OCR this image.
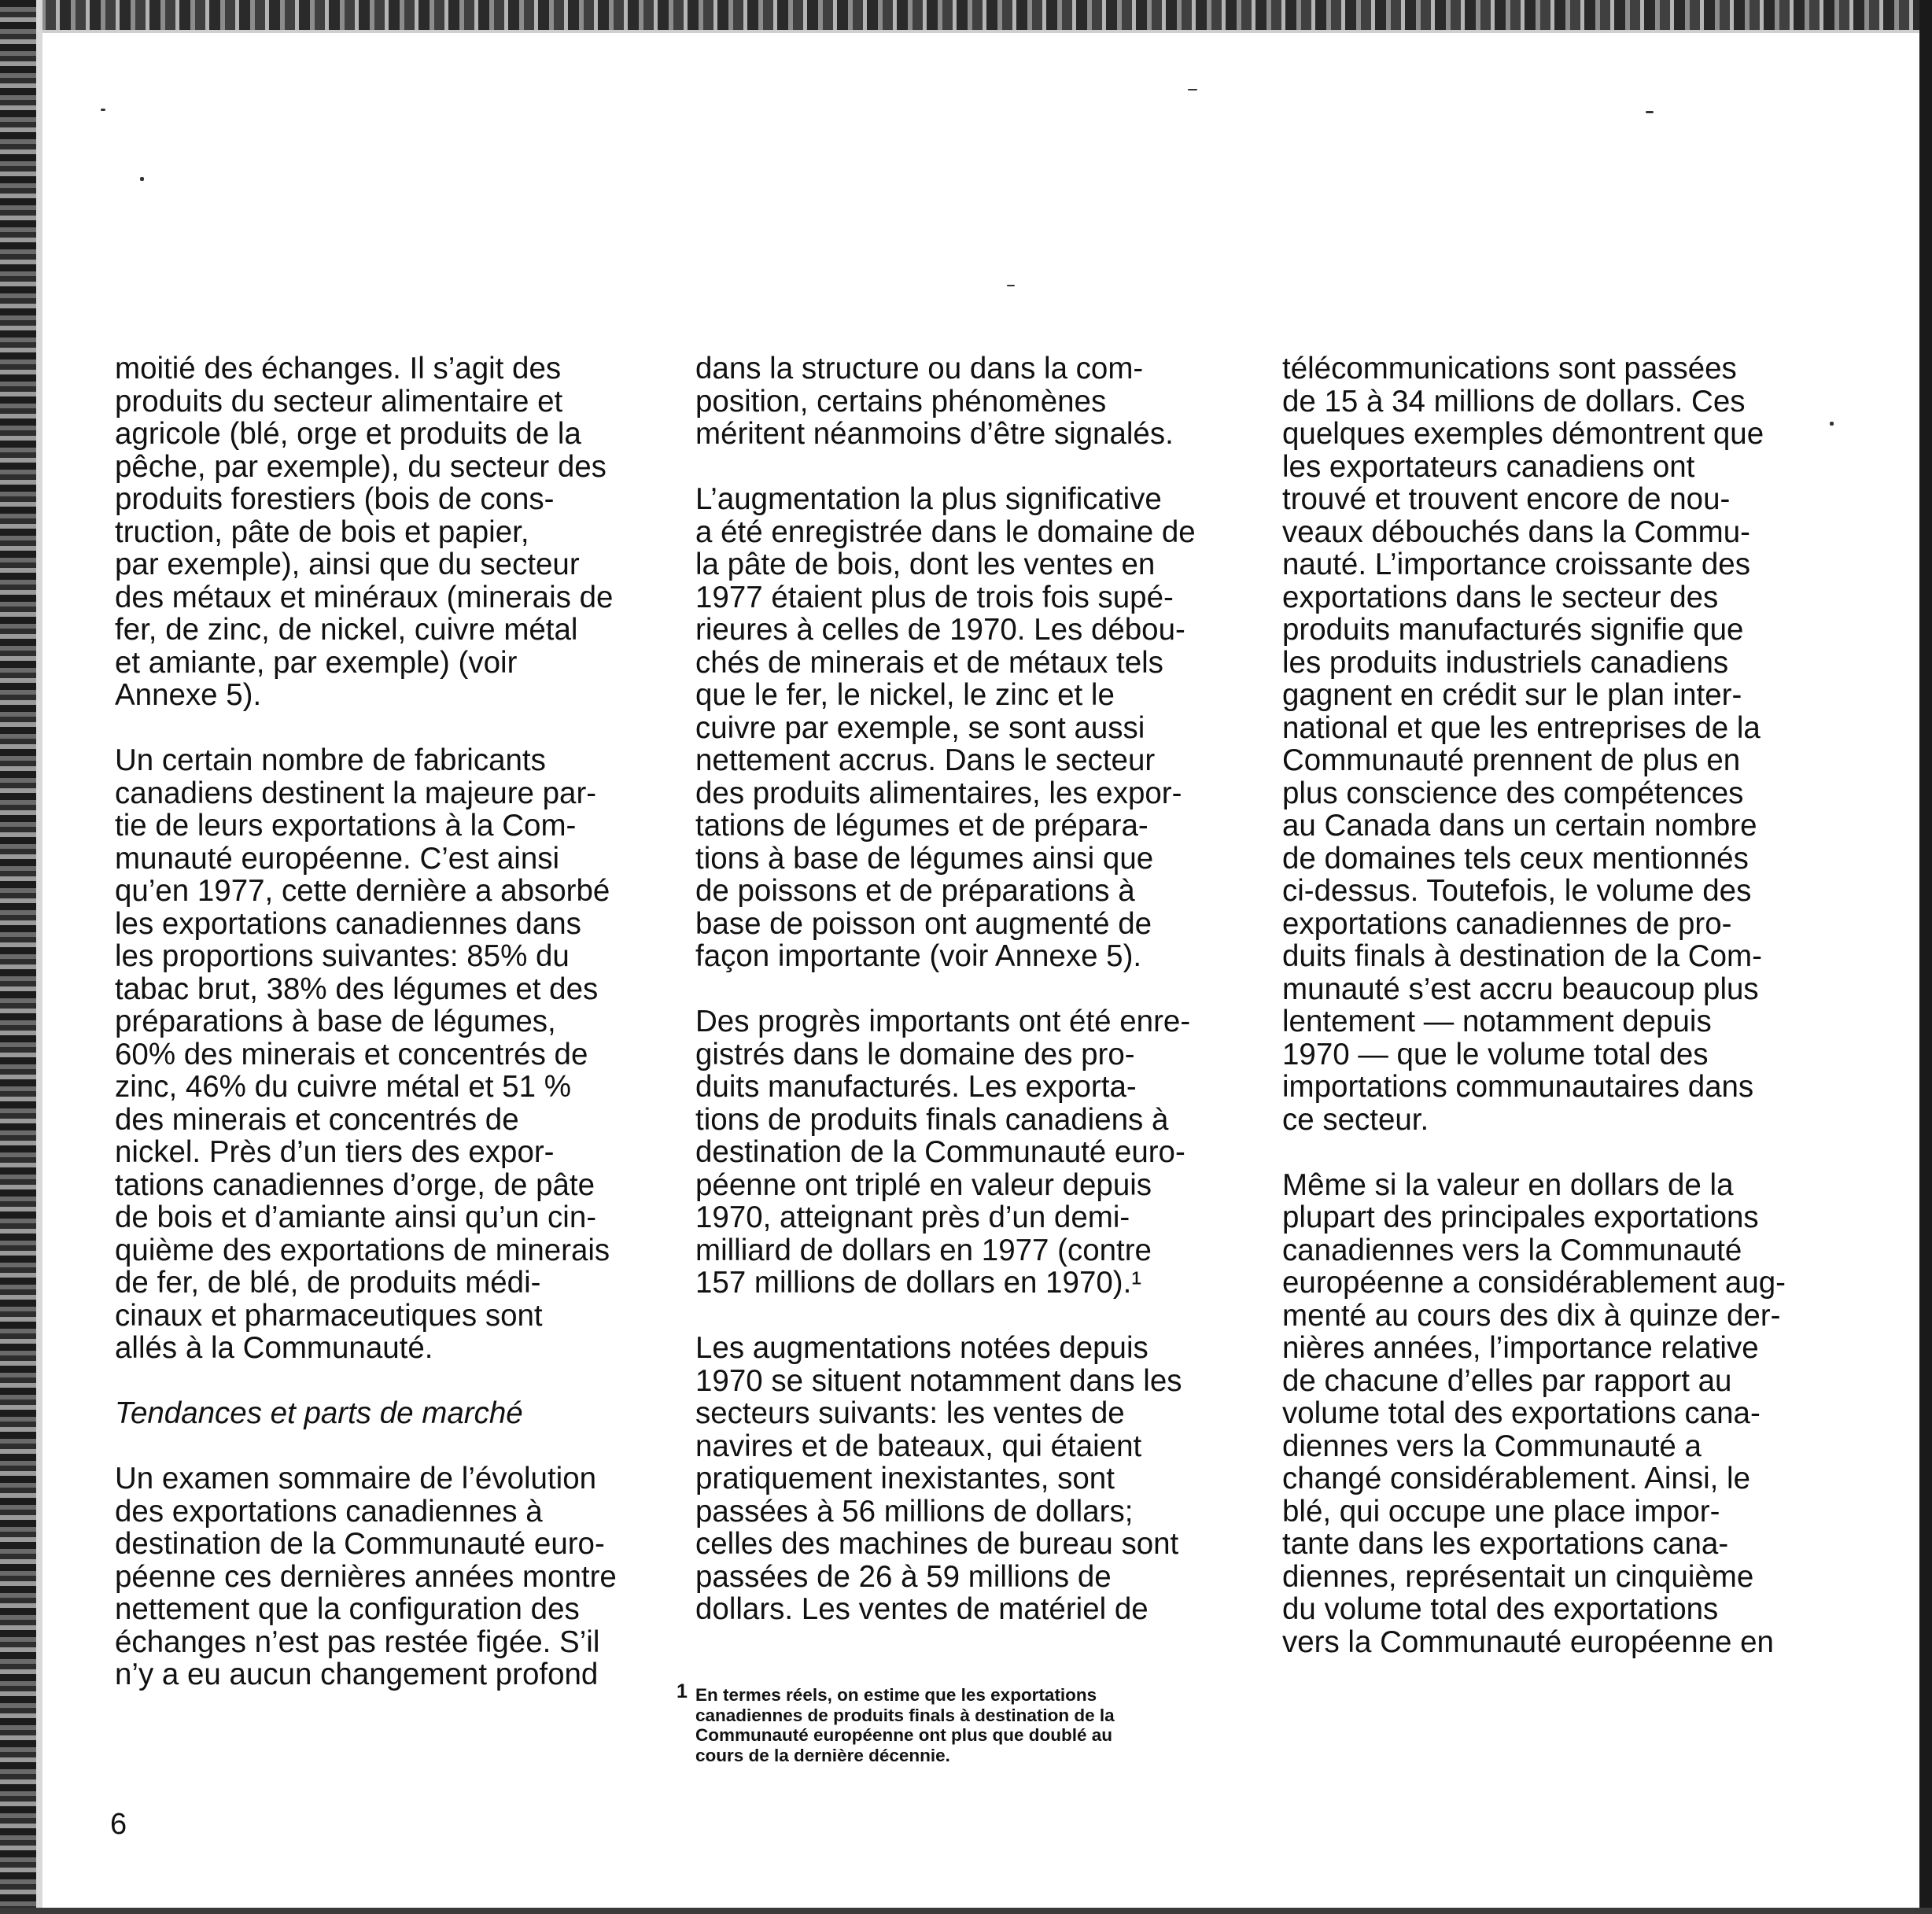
moitié des échanges. Il s’agit des
produits du secteur alimentaire et
agricole (blé, orge et produits de la
pêche, par exemple), du secteur des
produits forestiers (bois de cons-
truction, pâte de bois et papier,
par exemple), ainsi que du secteur
des métaux et minéraux (minerais de
fer, de zinc, de nickel, cuivre métal
et amiante, par exemple) (voir
Annexe 5).

Un certain nombre de fabricants
canadiens destinent la majeure par-
tie de leurs exportations à la Com-
munauté européenne. C’est ainsi
qu’en 1977, cette dernière a absorbé
les exportations canadiennes dans
les proportions suivantes: 85% du
tabac brut, 38% des légumes et des
préparations à base de légumes,
60% des minerais et concentrés de
zinc, 46% du cuivre métal et 51 %
des minerais et concentrés de
nickel. Près d’un tiers des expor-
tations canadiennes d’orge, de pâte
de bois et d’amiante ainsi qu’un cin-
quième des exportations de minerais
de fer, de blé, de produits médi-
cinaux et pharmaceutiques sont
allés à la Communauté.

Tendances et parts de marché

Un examen sommaire de l’évolution
des exportations canadiennes à
destination de la Communauté euro-
péenne ces dernières années montre
nettement que la configuration des
échanges n’est pas restée figée. S’il
n’y a eu aucun changement profond

dans la structure ou dans la com-
position, certains phénomènes
méritent néanmoins d’être signalés.

L’augmentation la plus significative
a été enregistrée dans le domaine de
la pâte de bois, dont les ventes en
1977 étaient plus de trois fois supé-
rieures à celles de 1970. Les débou-
chés de minerais et de métaux tels
que le fer, le nickel, le zinc et le
cuivre par exemple, se sont aussi
nettement accrus. Dans le secteur
des produits alimentaires, les expor-
tations de légumes et de prépara-
tions à base de légumes ainsi que
de poissons et de préparations à
base de poisson ont augmenté de
façon importante (voir Annexe 5).

Des progrès importants ont été enre-
gistrés dans le domaine des pro-
duits manufacturés. Les exporta-
tions de produits finals canadiens à
destination de la Communauté euro-
péenne ont triplé en valeur depuis
1970, atteignant près d’un demi-
milliard de dollars en 1977 (contre
157 millions de dollars en 1970).¹

Les augmentations notées depuis
1970 se situent notamment dans les
secteurs suivants: les ventes de
navires et de bateaux, qui étaient
pratiquement inexistantes, sont
passées à 56 millions de dollars;
celles des machines de bureau sont
passées de 26 à 59 millions de
dollars. Les ventes de matériel de

télécommunications sont passées
de 15 à 34 millions de dollars. Ces
quelques exemples démontrent que
les exportateurs canadiens ont
trouvé et trouvent encore de nou-
veaux débouchés dans la Commu-
nauté. L’importance croissante des
exportations dans le secteur des
produits manufacturés signifie que
les produits industriels canadiens
gagnent en crédit sur le plan inter-
national et que les entreprises de la
Communauté prennent de plus en
plus conscience des compétences
au Canada dans un certain nombre
de domaines tels ceux mentionnés
ci-dessus. Toutefois, le volume des
exportations canadiennes de pro-
duits finals à destination de la Com-
munauté s’est accru beaucoup plus
lentement — notamment depuis
1970 — que le volume total des
importations communautaires dans
ce secteur.

Même si la valeur en dollars de la
plupart des principales exportations
canadiennes vers la Communauté
européenne a considérablement aug-
menté au cours des dix à quinze der-
nières années, l’importance relative
de chacune d’elles par rapport au
volume total des exportations cana-
diennes vers la Communauté a
changé considérablement. Ainsi, le
blé, qui occupe une place impor-
tante dans les exportations cana-
diennes, représentait un cinquième
du volume total des exportations
vers la Communauté européenne en

1 En termes réels, on estime que les exportations
canadiennes de produits finals à destination de la
Communauté européenne ont plus que doublé au
cours de la dernière décennie.
6
